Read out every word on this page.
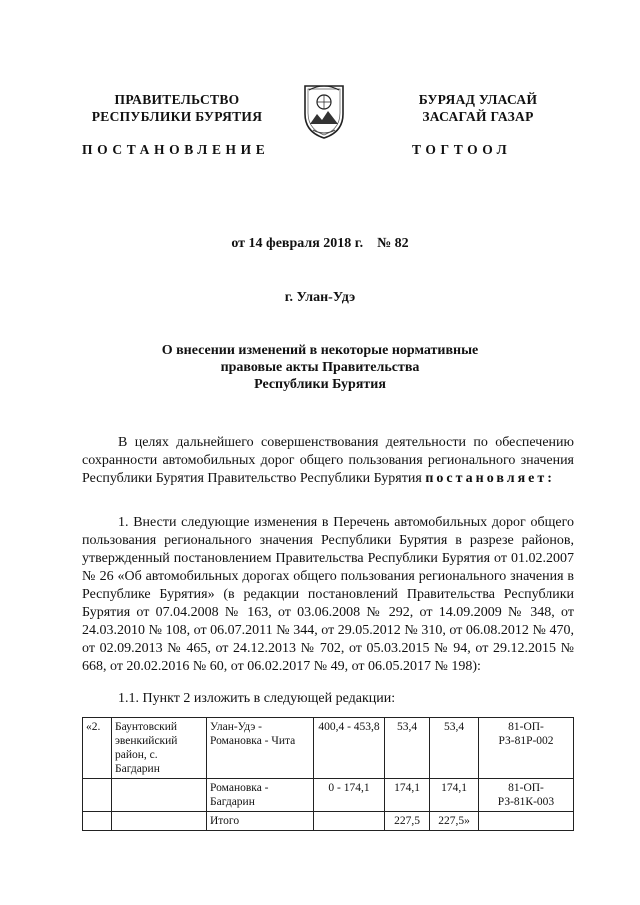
ПРАВИТЕЛЬСТВО
РЕСПУБЛИКИ БУРЯТИЯ
БУРЯАД УЛАСАЙ
ЗАСАГАЙ ГАЗАР
ПОСТАНОВЛЕНИЕ	ТОГТООЛ
от 14 февраля 2018 г. № 82
г. Улан-Удэ
О внесении изменений в некоторые нормативные
правовые акты Правительства
Республики Бурятия
В целях дальнейшего совершенствования деятельности по обеспечению сохранности автомобильных дорог общего пользования регионального значения Республики Бурятия Правительство Республики Бурятия постановляет:
1. Внести следующие изменения в Перечень автомобильных дорог общего пользования регионального значения Республики Бурятия в разрезе районов, утвержденный постановлением Правительства Республики Бурятия от 01.02.2007 № 26 «Об автомобильных дорогах общего пользования регионального значения в Республике Бурятия» (в редакции постановлений Правительства Республики Бурятия от 07.04.2008 № 163, от 03.06.2008 № 292, от 14.09.2009 № 348, от 24.03.2010 № 108, от 06.07.2011 № 344, от 29.05.2012 № 310, от 06.08.2012 № 470, от 02.09.2013 № 465, от 24.12.2013 № 702, от 05.03.2015 № 94, от 29.12.2015 № 668, от 20.02.2016 № 60, от 06.02.2017 № 49, от 06.05.2017 № 198):
1.1. Пункт 2 изложить в следующей редакции:
«2.	Баунтовский эвенкийский район, с. Багдарин	Улан-Удэ - Романовка - Чита	400,4 - 453,8	53,4	53,4	81-ОП-РЗ-81Р-002
		Романовка - Багдарин	0 - 174,1	174,1	174,1	81-ОП-РЗ-81К-003
		Итого		227,5	227,5»	
